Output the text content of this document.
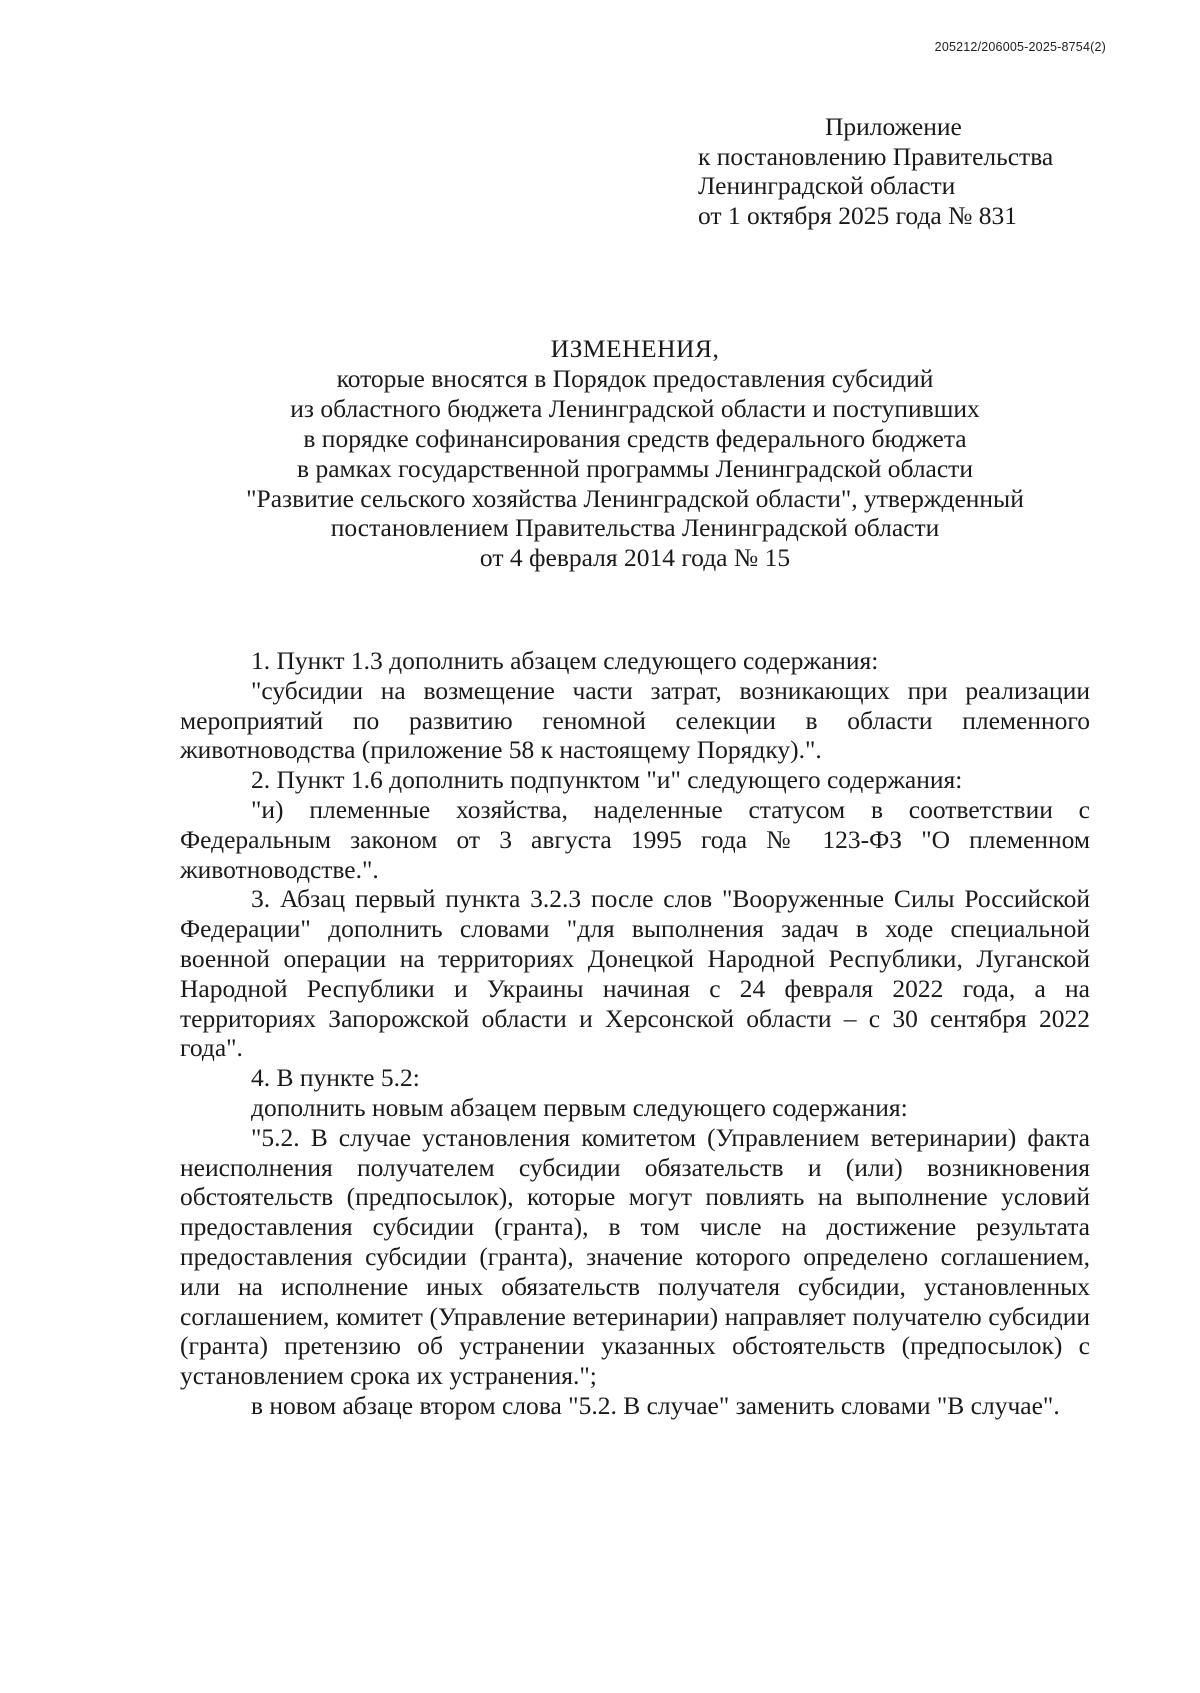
205212/206005-2025-8754(2)
Приложение
к постановлению Правительства
Ленинградской области
от 1 октября 2025 года № 831
ИЗМЕНЕНИЯ,
которые вносятся в Порядок предоставления субсидий
из областного бюджета Ленинградской области и поступивших
в порядке софинансирования средств федерального бюджета
в рамках государственной программы Ленинградской области
"Развитие сельского хозяйства Ленинградской области", утвержденный
постановлением Правительства Ленинградской области
от 4 февраля 2014 года № 15

1. Пункт 1.3 дополнить абзацем следующего содержания:

"субсидии на возмещение части затрат, возникающих при реализации мероприятий по развитию геномной селекции в области племенного животноводства (приложение 58 к настоящему Порядку).".

2. Пункт 1.6 дополнить подпунктом "и" следующего содержания:

"и) племенные хозяйства, наделенные статусом в соответствии с Федеральным законом от 3 августа 1995 года № 123-ФЗ "О племенном животноводстве.".

3. Абзац первый пункта 3.2.3 после слов "Вооруженные Силы Российской Федерации" дополнить словами "для выполнения задач в ходе специальной военной операции на территориях Донецкой Народной Республики, Луганской Народной Республики и Украины начиная с 24 февраля 2022 года, а на территориях Запорожской области и Херсонской области – с 30 сентября 2022 года".

4. В пункте 5.2:

дополнить новым абзацем первым следующего содержания:

"5.2. В случае установления комитетом (Управлением ветеринарии) факта неисполнения получателем субсидии обязательств и (или) возникновения обстоятельств (предпосылок), которые могут повлиять на выполнение условий предоставления субсидии (гранта), в том числе на достижение результата предоставления субсидии (гранта), значение которого определено соглашением, или на исполнение иных обязательств получателя субсидии, установленных соглашением, комитет (Управление ветеринарии) направляет получателю субсидии (гранта) претензию об устранении указанных обстоятельств (предпосылок) с установлением срока их устранения.";

в новом абзаце втором слова "5.2. В случае" заменить словами "В случае".
